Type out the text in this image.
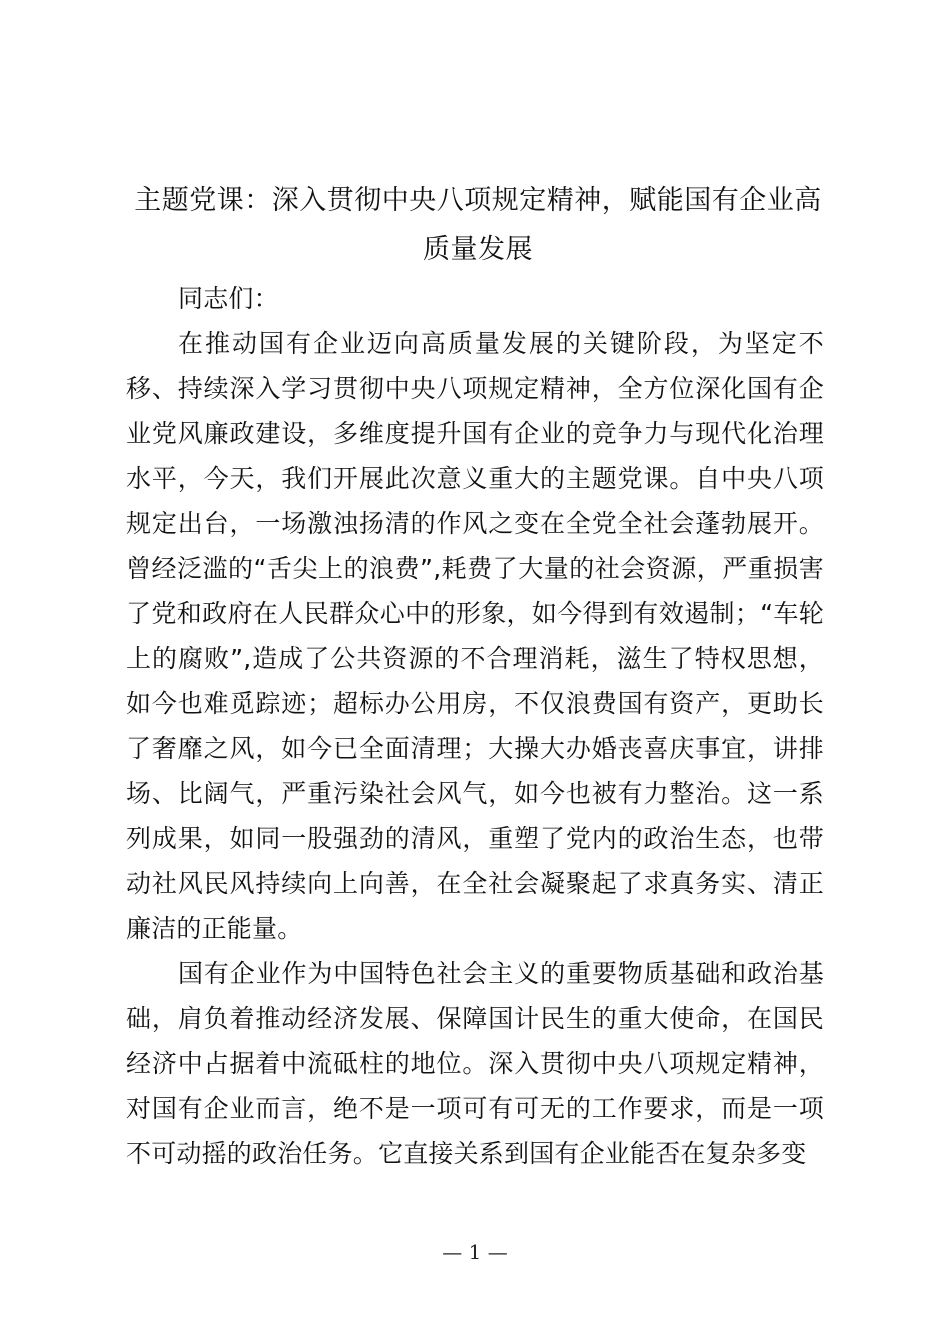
主题党课：深入贯彻中央八项规定精神，赋能国有企业高质量发展

同志们：

在推动国有企业迈向高质量发展的关键阶段，为坚定不移、持续深入学习贯彻中央八项规定精神，全方位深化国有企业党风廉政建设，多维度提升国有企业的竞争力与现代化治理水平，今天，我们开展此次意义重大的主题党课。自中央八项规定出台，一场激浊扬清的作风之变在全党全社会蓬勃展开。曾经泛滥的“舌尖上的浪费”,耗费了大量的社会资源，严重损害了党和政府在人民群众心中的形象，如今得到有效遏制；“车轮上的腐败”,造成了公共资源的不合理消耗，滋生了特权思想，如今也难觅踪迹；超标办公用房，不仅浪费国有资产，更助长了奢靡之风，如今已全面清理；大操大办婚丧喜庆事宜，讲排场、比阔气，严重污染社会风气，如今也被有力整治。这一系列成果，如同一股强劲的清风，重塑了党内的政治生态，也带动社风民风持续向上向善，在全社会凝聚起了求真务实、清正廉洁的正能量。

国有企业作为中国特色社会主义的重要物质基础和政治基础，肩负着推动经济发展、保障国计民生的重大使命，在国民经济中占据着中流砥柱的地位。深入贯彻中央八项规定精神，对国有企业而言，绝不是一项可有可无的工作要求，而是一项不可动摇的政治任务。它直接关系到国有企业能否在复杂多变

— 1 —
